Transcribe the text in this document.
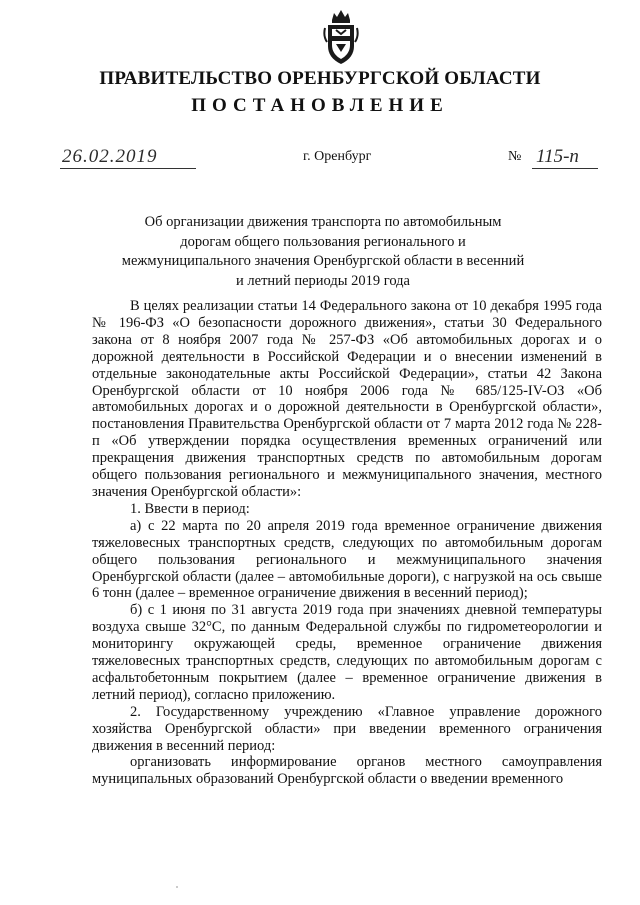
ПРАВИТЕЛЬСТВО ОРЕНБУРГСКОЙ ОБЛАСТИ
ПОСТАНОВЛЕНИЕ
26.02.2019	г. Оренбург	№ 115-п
Об организации движения транспорта по автомобильным дорогам общего пользования регионального и межмуниципального значения Оренбургской области в весенний и летний периоды 2019 года

В целях реализации статьи 14 Федерального закона от 10 декабря 1995 года № 196-ФЗ «О безопасности дорожного движения», статьи 30 Федерального закона от 8 ноября 2007 года № 257-ФЗ «Об автомобильных дорогах и о дорожной деятельности в Российской Федерации и о внесении изменений в отдельные законодательные акты Российской Федерации», статьи 42 Закона Оренбургской области от 10 ноября 2006 года № 685/125-IV-ОЗ «Об автомобильных дорогах и о дорожной деятельности в Оренбургской области», постановления Правительства Оренбургской области от 7 марта 2012 года № 228-п «Об утверждении порядка осуществления временных ограничений или прекращения движения транспортных средств по автомобильным дорогам общего пользования регионального и межмуниципального значения, местного значения Оренбургской области»:

1. Ввести в период:

а) с 22 марта по 20 апреля 2019 года временное ограничение движения тяжеловесных транспортных средств, следующих по автомобильным дорогам общего пользования регионального и межмуниципального значения Оренбургской области (далее – автомобильные дороги), с нагрузкой на ось свыше 6 тонн (далее – временное ограничение движения в весенний период);

б) с 1 июня по 31 августа 2019 года при значениях дневной температуры воздуха свыше 32°С, по данным Федеральной службы по гидрометеорологии и мониторингу окружающей среды, временное ограничение движения тяжеловесных транспортных средств, следующих по автомобильным дорогам с асфальтобетонным покрытием (далее – временное ограничение движения в летний период), согласно приложению.

2. Государственному учреждению «Главное управление дорожного хозяйства Оренбургской области» при введении временного ограничения движения в весенний период:

организовать информирование органов местного самоуправления муниципальных образований Оренбургской области о введении временного
